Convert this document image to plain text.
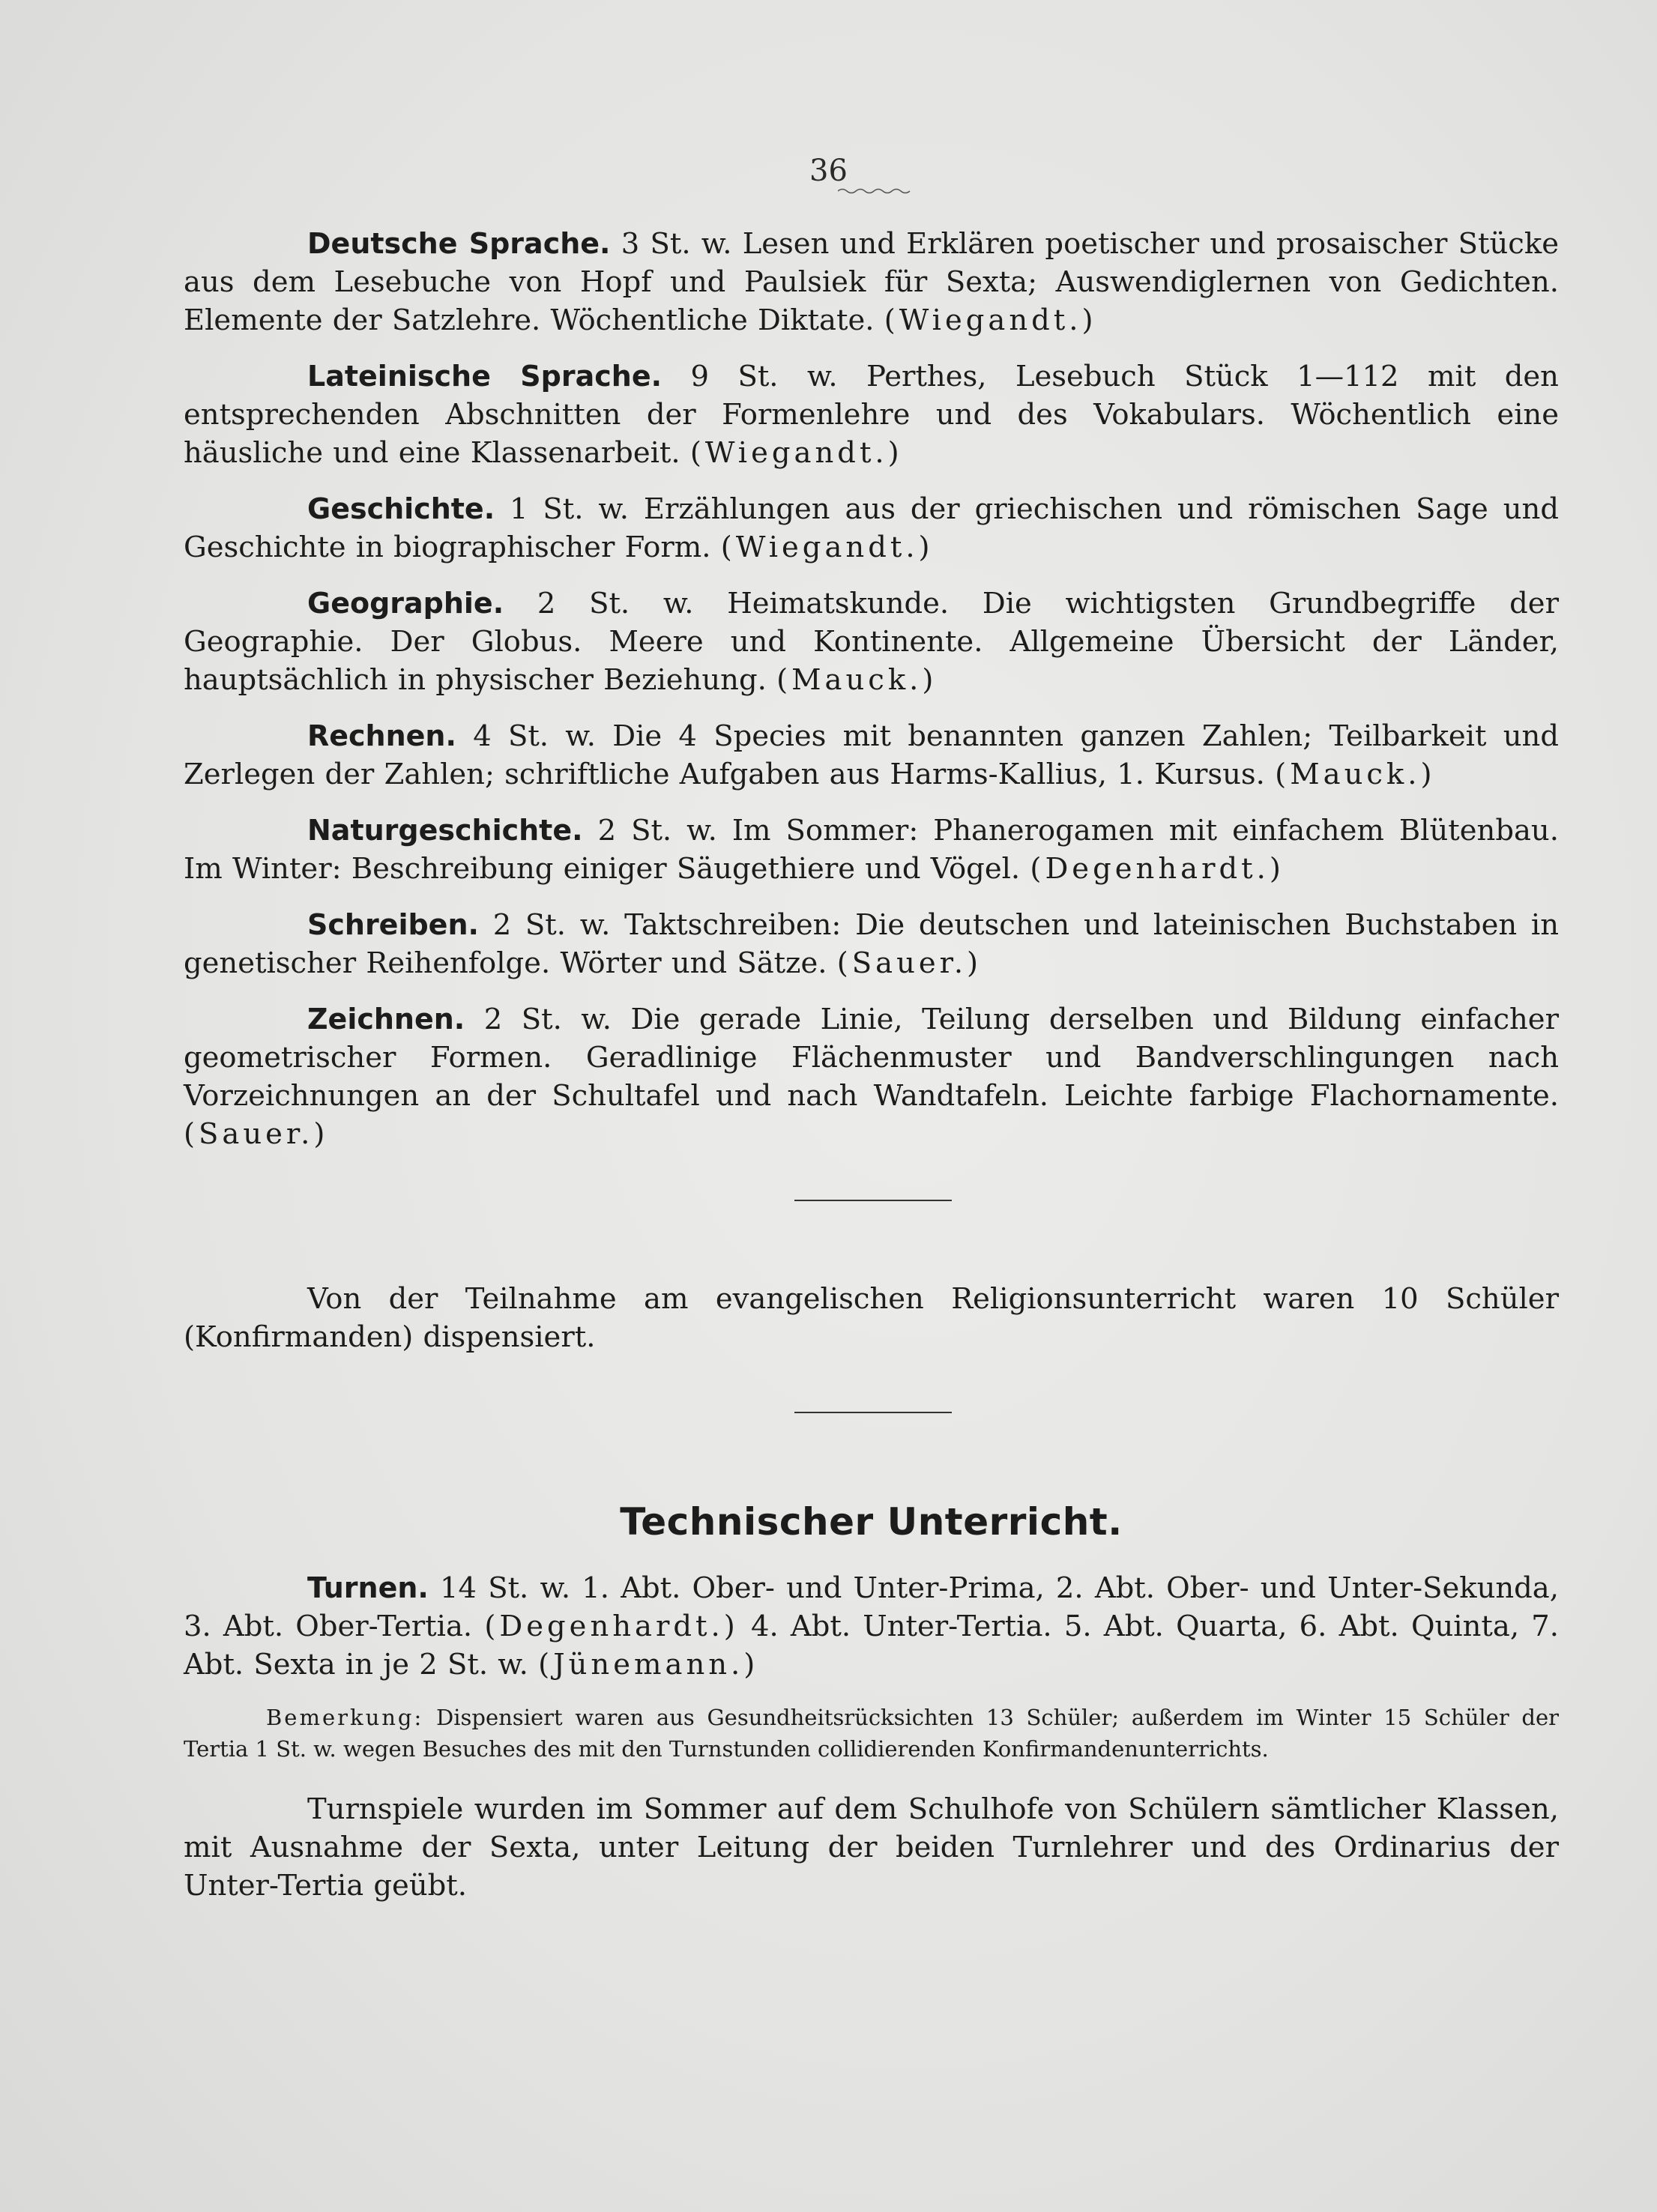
36

Deutsche Sprache. 3 St. w. Lesen und Erklären poetischer und prosaischer Stücke aus dem Lesebuche von Hopf und Paulsiek für Sexta; Auswendiglernen von Gedichten. Elemente der Satzlehre. Wöchentliche Diktate. (Wiegandt.)

Lateinische Sprache. 9 St. w. Perthes, Lesebuch Stück 1—112 mit den entsprechenden Abschnitten der Formenlehre und des Vokabulars. Wöchentlich eine häusliche und eine Klassenarbeit. (Wiegandt.)

Geschichte. 1 St. w. Erzählungen aus der griechischen und römischen Sage und Geschichte in biographischer Form. (Wiegandt.)

Geographie. 2 St. w. Heimatskunde. Die wichtigsten Grundbegriffe der Geographie. Der Globus. Meere und Kontinente. Allgemeine Übersicht der Länder, hauptsächlich in physischer Beziehung. (Mauck.)

Rechnen. 4 St. w. Die 4 Species mit benannten ganzen Zahlen; Teilbarkeit und Zerlegen der Zahlen; schriftliche Aufgaben aus Harms-Kallius, 1. Kursus. (Mauck.)

Naturgeschichte. 2 St. w. Im Sommer: Phanerogamen mit einfachem Blütenbau. Im Winter: Beschreibung einiger Säugethiere und Vögel. (Degenhardt.)

Schreiben. 2 St. w. Taktschreiben: Die deutschen und lateinischen Buchstaben in genetischer Reihenfolge. Wörter und Sätze. (Sauer.)

Zeichnen. 2 St. w. Die gerade Linie, Teilung derselben und Bildung einfacher geometrischer Formen. Geradlinige Flächenmuster und Bandverschlingungen nach Vorzeichnungen an der Schultafel und nach Wandtafeln. Leichte farbige Flachornamente. (Sauer.)

Von der Teilnahme am evangelischen Religionsunterricht waren 10 Schüler (Konfirmanden) dispensiert.

Technischer Unterricht.

Turnen. 14 St. w. 1. Abt. Ober- und Unter-Prima, 2. Abt. Ober- und Unter-Sekunda, 3. Abt. Ober-Tertia. (Degenhardt.) 4. Abt. Unter-Tertia. 5. Abt. Quarta, 6. Abt. Quinta, 7. Abt. Sexta in je 2 St. w. (Jünemann.)

Bemerkung: Dispensiert waren aus Gesundheitsrücksichten 13 Schüler; außerdem im Winter 15 Schüler der Tertia 1 St. w. wegen Besuches des mit den Turnstunden collidierenden Konfirmandenunterrichts.

Turnspiele wurden im Sommer auf dem Schulhofe von Schülern sämtlicher Klassen, mit Ausnahme der Sexta, unter Leitung der beiden Turnlehrer und des Ordinarius der Unter-Tertia geübt.
